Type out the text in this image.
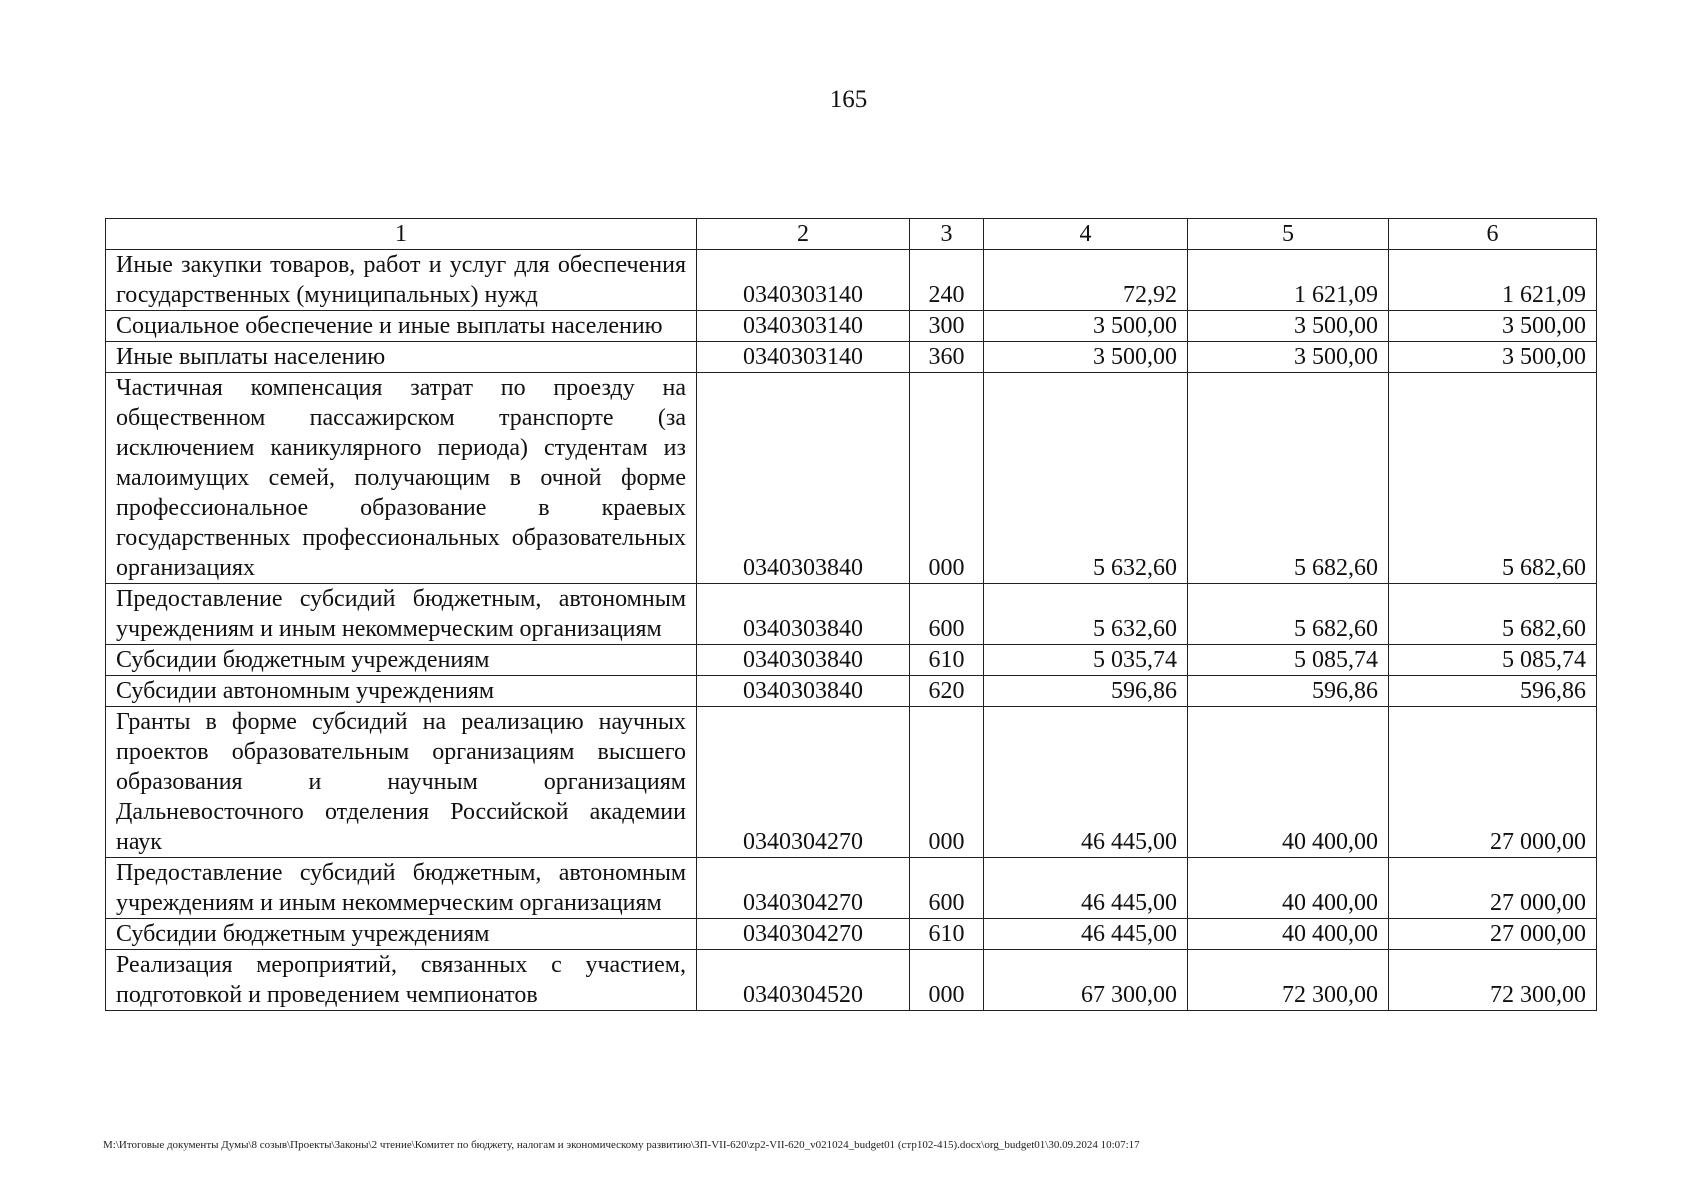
165
1	2	3	4	5	6
Иные закупки товаров, работ и услуг для обеспечения государственных (муниципальных) нужд	0340303140	240	72,92	1 621,09	1 621,09
Социальное обеспечение и иные выплаты населению	0340303140	300	3 500,00	3 500,00	3 500,00
Иные выплаты населению	0340303140	360	3 500,00	3 500,00	3 500,00
Частичная компенсация затрат по проезду на общественном пассажирском транспорте (за исключением каникулярного периода) студентам из малоимущих семей, получающим в очной форме профессиональное образование в краевых государственных профессиональных образовательных организациях	0340303840	000	5 632,60	5 682,60	5 682,60
Предоставление субсидий бюджетным, автономным учреждениям и иным некоммерческим организациям	0340303840	600	5 632,60	5 682,60	5 682,60
Субсидии бюджетным учреждениям	0340303840	610	5 035,74	5 085,74	5 085,74
Субсидии автономным учреждениям	0340303840	620	596,86	596,86	596,86
Гранты в форме субсидий на реализацию научных проектов образовательным организациям высшего образования и научным организациям Дальневосточного отделения Российской академии наук	0340304270	000	46 445,00	40 400,00	27 000,00
Предоставление субсидий бюджетным, автономным учреждениям и иным некоммерческим организациям	0340304270	600	46 445,00	40 400,00	27 000,00
Субсидии бюджетным учреждениям	0340304270	610	46 445,00	40 400,00	27 000,00
Реализация мероприятий, связанных с участием, подготовкой и проведением чемпионатов	0340304520	000	67 300,00	72 300,00	72 300,00
M:\Итоговые документы Думы\8 созыв\Проекты\Законы\2 чтение\Комитет по бюджету, налогам и экономическому развитию\ЗП-VII-620\zp2-VII-620_v021024_budget01 (стр102-415).docx\org_budget01\30.09.2024 10:07:17
